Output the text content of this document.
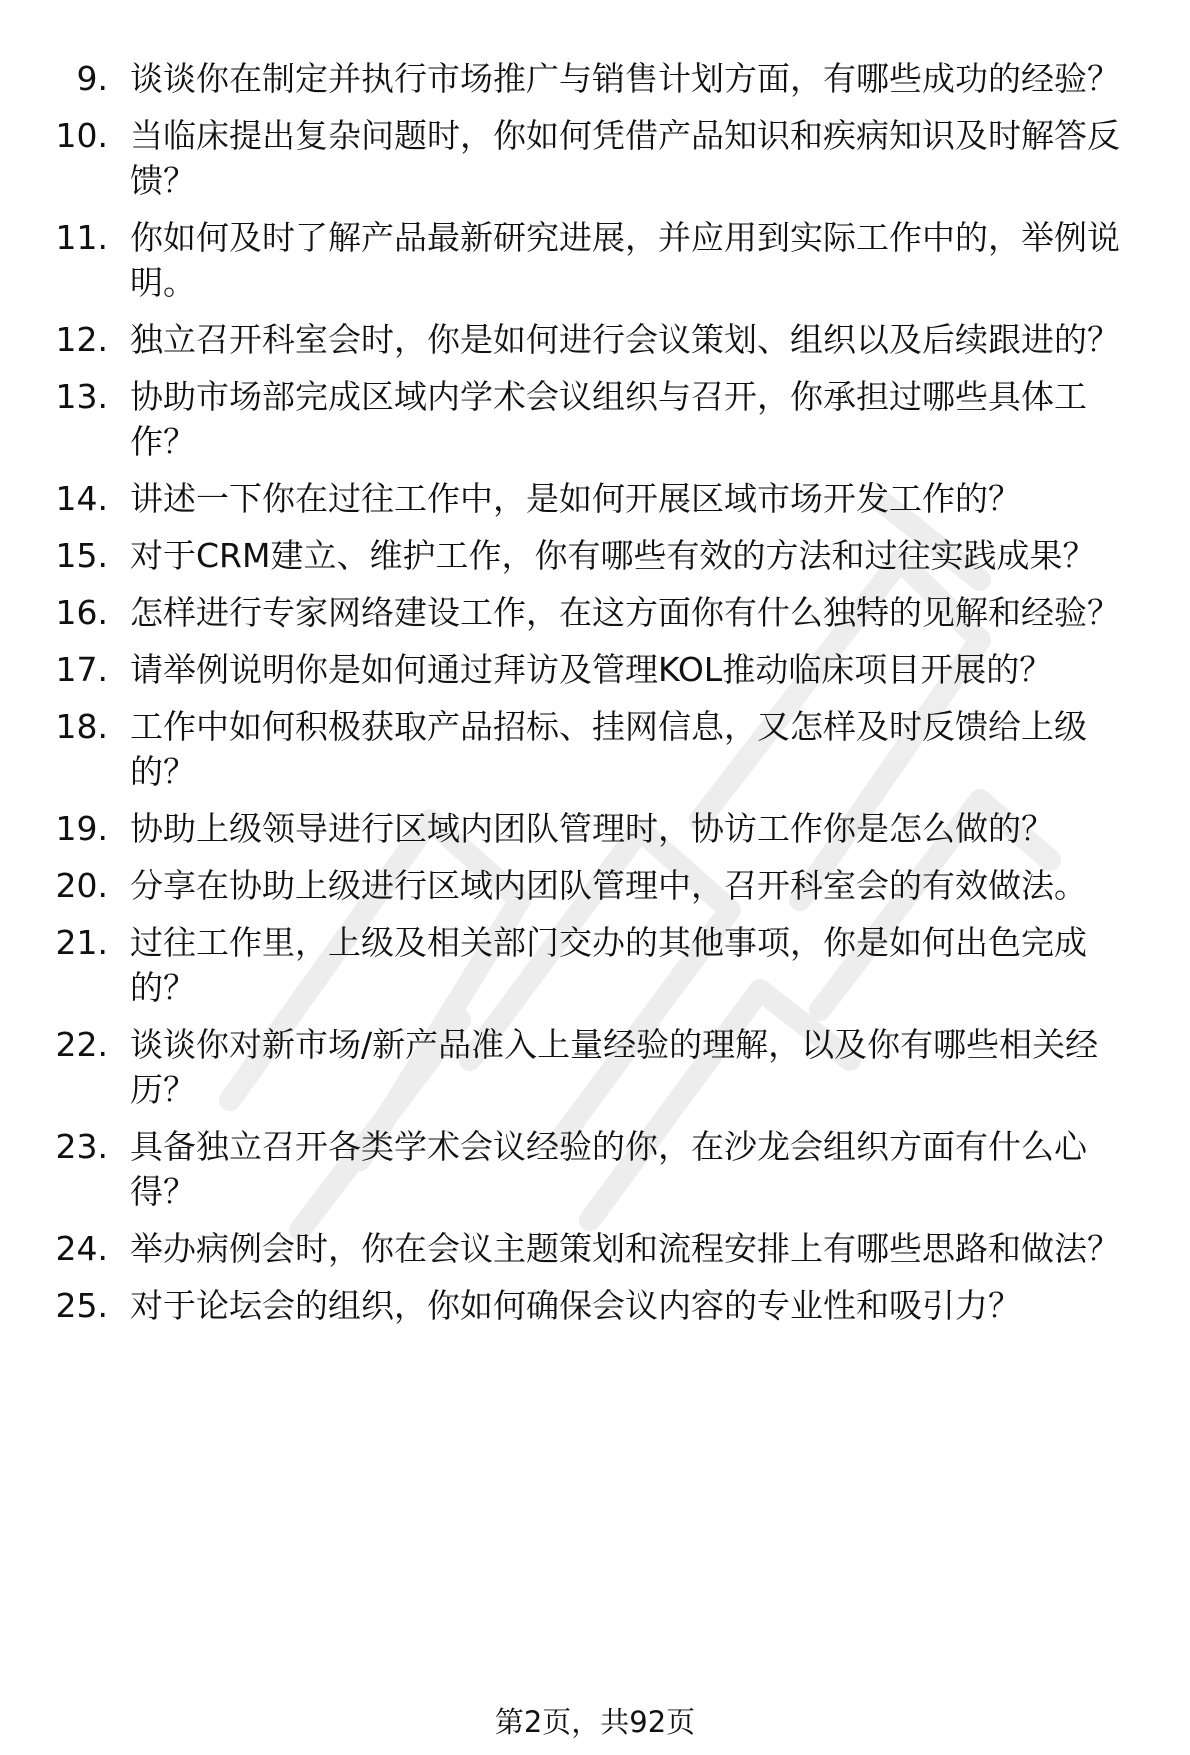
9. 谈谈你在制定并执行市场推广与销售计划方面，有哪些成功的经验？
10. 当临床提出复杂问题时，你如何凭借产品知识和疾病知识及时解答反馈？
11. 你如何及时了解产品最新研究进展，并应用到实际工作中的，举例说明。
12. 独立召开科室会时，你是如何进行会议策划、组织以及后续跟进的？
13. 协助市场部完成区域内学术会议组织与召开，你承担过哪些具体工作？
14. 讲述一下你在过往工作中，是如何开展区域市场开发工作的？
15. 对于CRM建立、维护工作，你有哪些有效的方法和过往实践成果？
16. 怎样进行专家网络建设工作，在这方面你有什么独特的见解和经验？
17. 请举例说明你是如何通过拜访及管理KOL推动临床项目开展的？
18. 工作中如何积极获取产品招标、挂网信息，又怎样及时反馈给上级的？
19. 协助上级领导进行区域内团队管理时，协访工作你是怎么做的？
20. 分享在协助上级进行区域内团队管理中，召开科室会的有效做法。
21. 过往工作里，上级及相关部门交办的其他事项，你是如何出色完成的？
22. 谈谈你对新市场/新产品准入上量经验的理解，以及你有哪些相关经历？
23. 具备独立召开各类学术会议经验的你，在沙龙会组织方面有什么心得？
24. 举办病例会时，你在会议主题策划和流程安排上有哪些思路和做法？
25. 对于论坛会的组织，你如何确保会议内容的专业性和吸引力？
第2页，共92页
